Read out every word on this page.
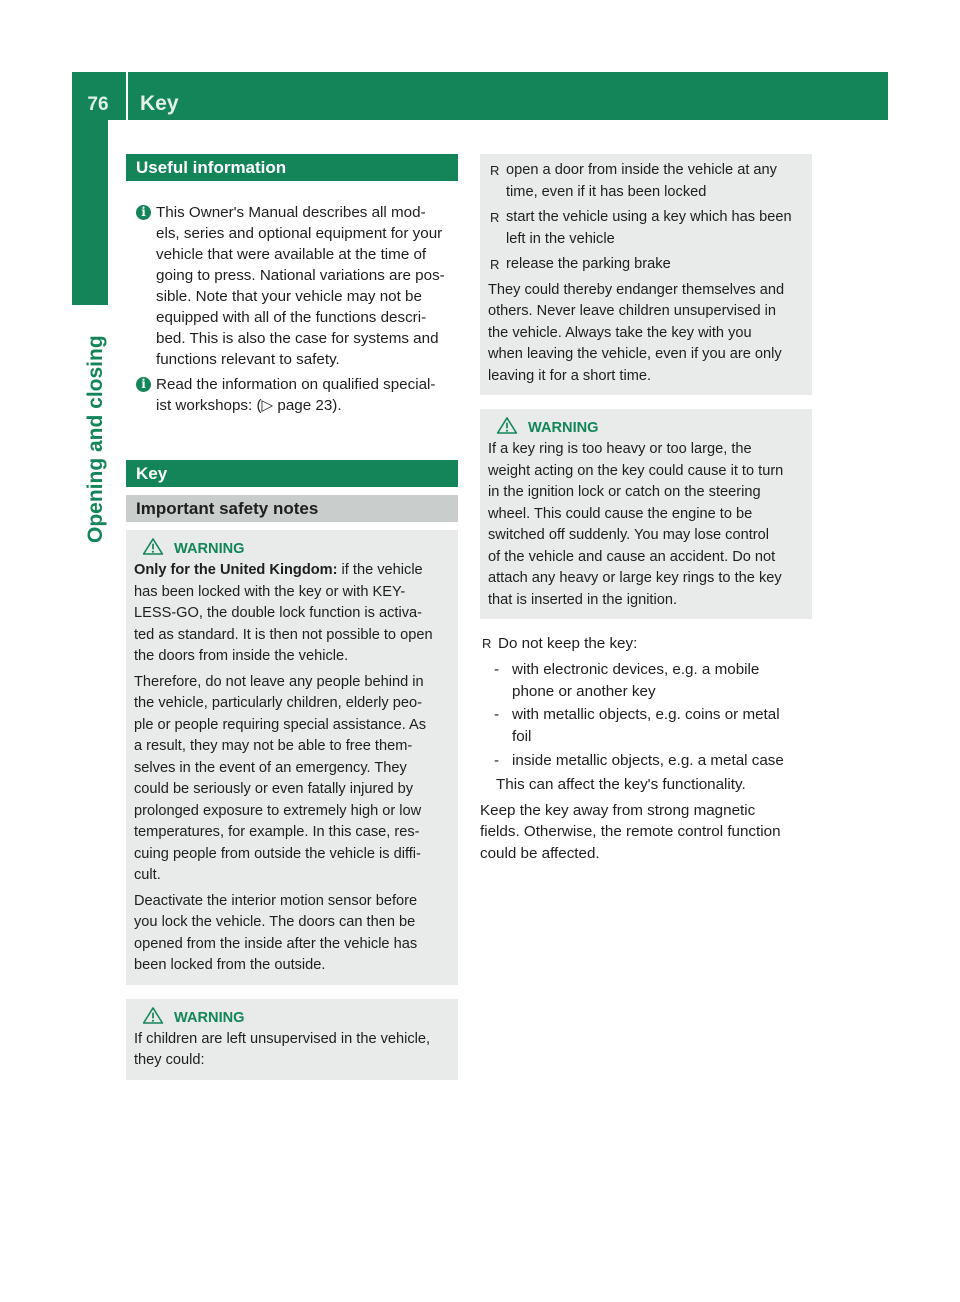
76	Key
Opening and closing
Useful information
i This Owner's Manual describes all mod-
els, series and optional equipment for your
vehicle that were available at the time of
going to press. National variations are pos-
sible. Note that your vehicle may not be
equipped with all of the functions descri-
bed. This is also the case for systems and
functions relevant to safety.
i Read the information on qualified special-
ist workshops: (▷ page 23).
Key
Important safety notes
WARNING
Only for the United Kingdom: if the vehicle
has been locked with the key or with KEY-
LESS-GO, the double lock function is activa-
ted as standard. It is then not possible to open
the doors from inside the vehicle.
Therefore, do not leave any people behind in
the vehicle, particularly children, elderly peo-
ple or people requiring special assistance. As
a result, they may not be able to free them-
selves in the event of an emergency. They
could be seriously or even fatally injured by
prolonged exposure to extremely high or low
temperatures, for example. In this case, res-
cuing people from outside the vehicle is diffi-
cult.
Deactivate the interior motion sensor before
you lock the vehicle. The doors can then be
opened from the inside after the vehicle has
been locked from the outside.
WARNING
If children are left unsupervised in the vehicle,
they could:
R open a door from inside the vehicle at any
time, even if it has been locked
R start the vehicle using a key which has been
left in the vehicle
R release the parking brake
They could thereby endanger themselves and
others. Never leave children unsupervised in
the vehicle. Always take the key with you
when leaving the vehicle, even if you are only
leaving it for a short time.
WARNING
If a key ring is too heavy or too large, the
weight acting on the key could cause it to turn
in the ignition lock or catch on the steering
wheel. This could cause the engine to be
switched off suddenly. You may lose control
of the vehicle and cause an accident. Do not
attach any heavy or large key rings to the key
that is inserted in the ignition.
R Do not keep the key:
- with electronic devices, e.g. a mobile
phone or another key
- with metallic objects, e.g. coins or metal
foil
- inside metallic objects, e.g. a metal case
This can affect the key's functionality.
Keep the key away from strong magnetic
fields. Otherwise, the remote control function
could be affected.
